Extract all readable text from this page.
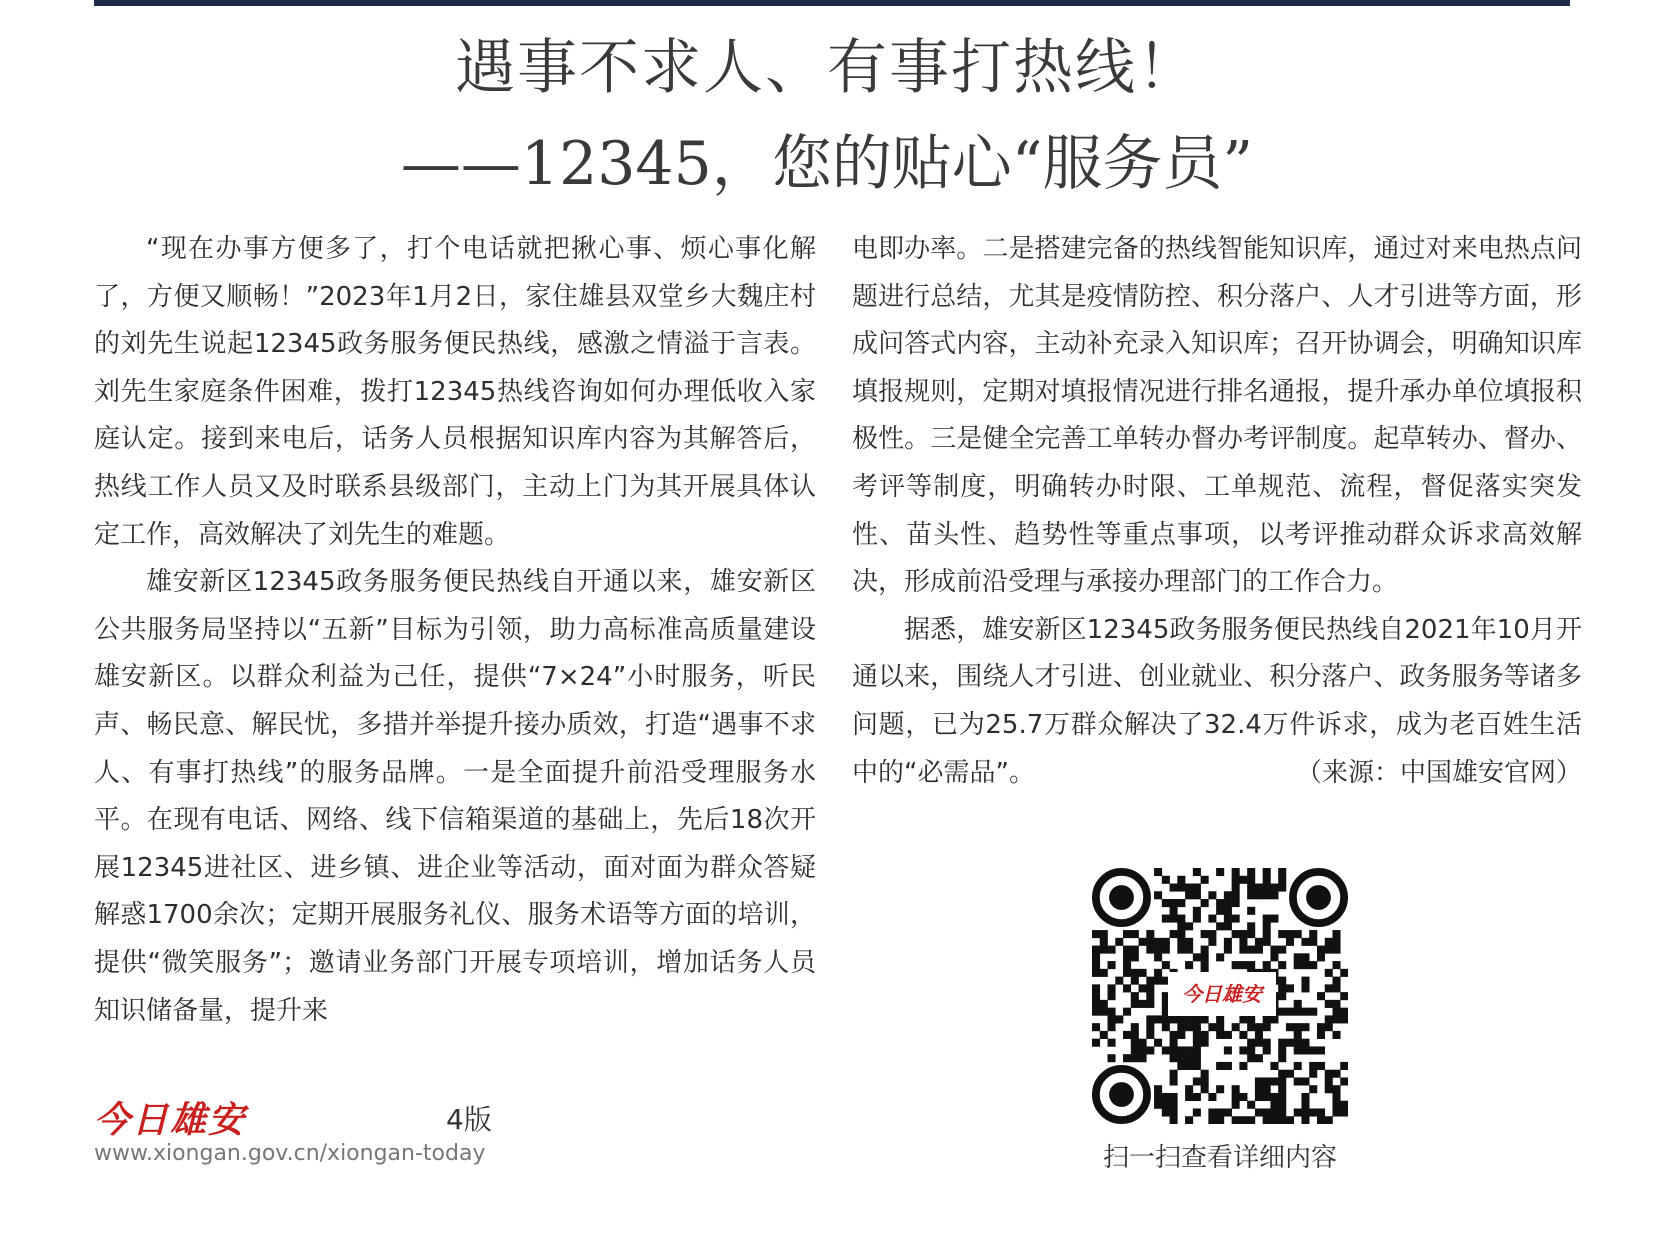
遇事不求人、有事打热线！
——12345，您的贴心“服务员”

“现在办事方便多了，打个电话就把揪心事、烦心事化解了，方便又顺畅！”2023年1月2日，家住雄县双堂乡大魏庄村的刘先生说起12345政务服务便民热线，感激之情溢于言表。刘先生家庭条件困难，拨打12345热线咨询如何办理低收入家庭认定。接到来电后，话务人员根据知识库内容为其解答后，热线工作人员又及时联系县级部门，主动上门为其开展具体认定工作，高效解决了刘先生的难题。

雄安新区12345政务服务便民热线自开通以来，雄安新区公共服务局坚持以“五新”目标为引领，助力高标准高质量建设雄安新区。以群众利益为己任，提供“7×24”小时服务，听民声、畅民意、解民忧，多措并举提升接办质效，打造“遇事不求人、有事打热线”的服务品牌。一是全面提升前沿受理服务水平。在现有电话、网络、线下信箱渠道的基础上，先后18次开展12345进社区、进乡镇、进企业等活动，面对面为群众答疑解惑1700余次；定期开展服务礼仪、服务术语等方面的培训，提供“微笑服务”；邀请业务部门开展专项培训，增加话务人员知识储备量，提升来

电即办率。二是搭建完备的热线智能知识库，通过对来电热点问题进行总结，尤其是疫情防控、积分落户、人才引进等方面，形成问答式内容，主动补充录入知识库；召开协调会，明确知识库填报规则，定期对填报情况进行排名通报，提升承办单位填报积极性。三是健全完善工单转办督办考评制度。起草转办、督办、考评等制度，明确转办时限、工单规范、流程，督促落实突发性、苗头性、趋势性等重点事项，以考评推动群众诉求高效解决，形成前沿受理与承接办理部门的工作合力。

据悉，雄安新区12345政务服务便民热线自2021年10月开通以来，围绕人才引进、创业就业、积分落户、政务服务等诸多问题，已为25.7万群众解决了32.4万件诉求，成为老百姓生活中的“必需品”。	（来源：中国雄安官网）

今日雄安	4版
www.xiongan.gov.cn/xiongan-today
今日雄安
扫一扫查看详细内容
